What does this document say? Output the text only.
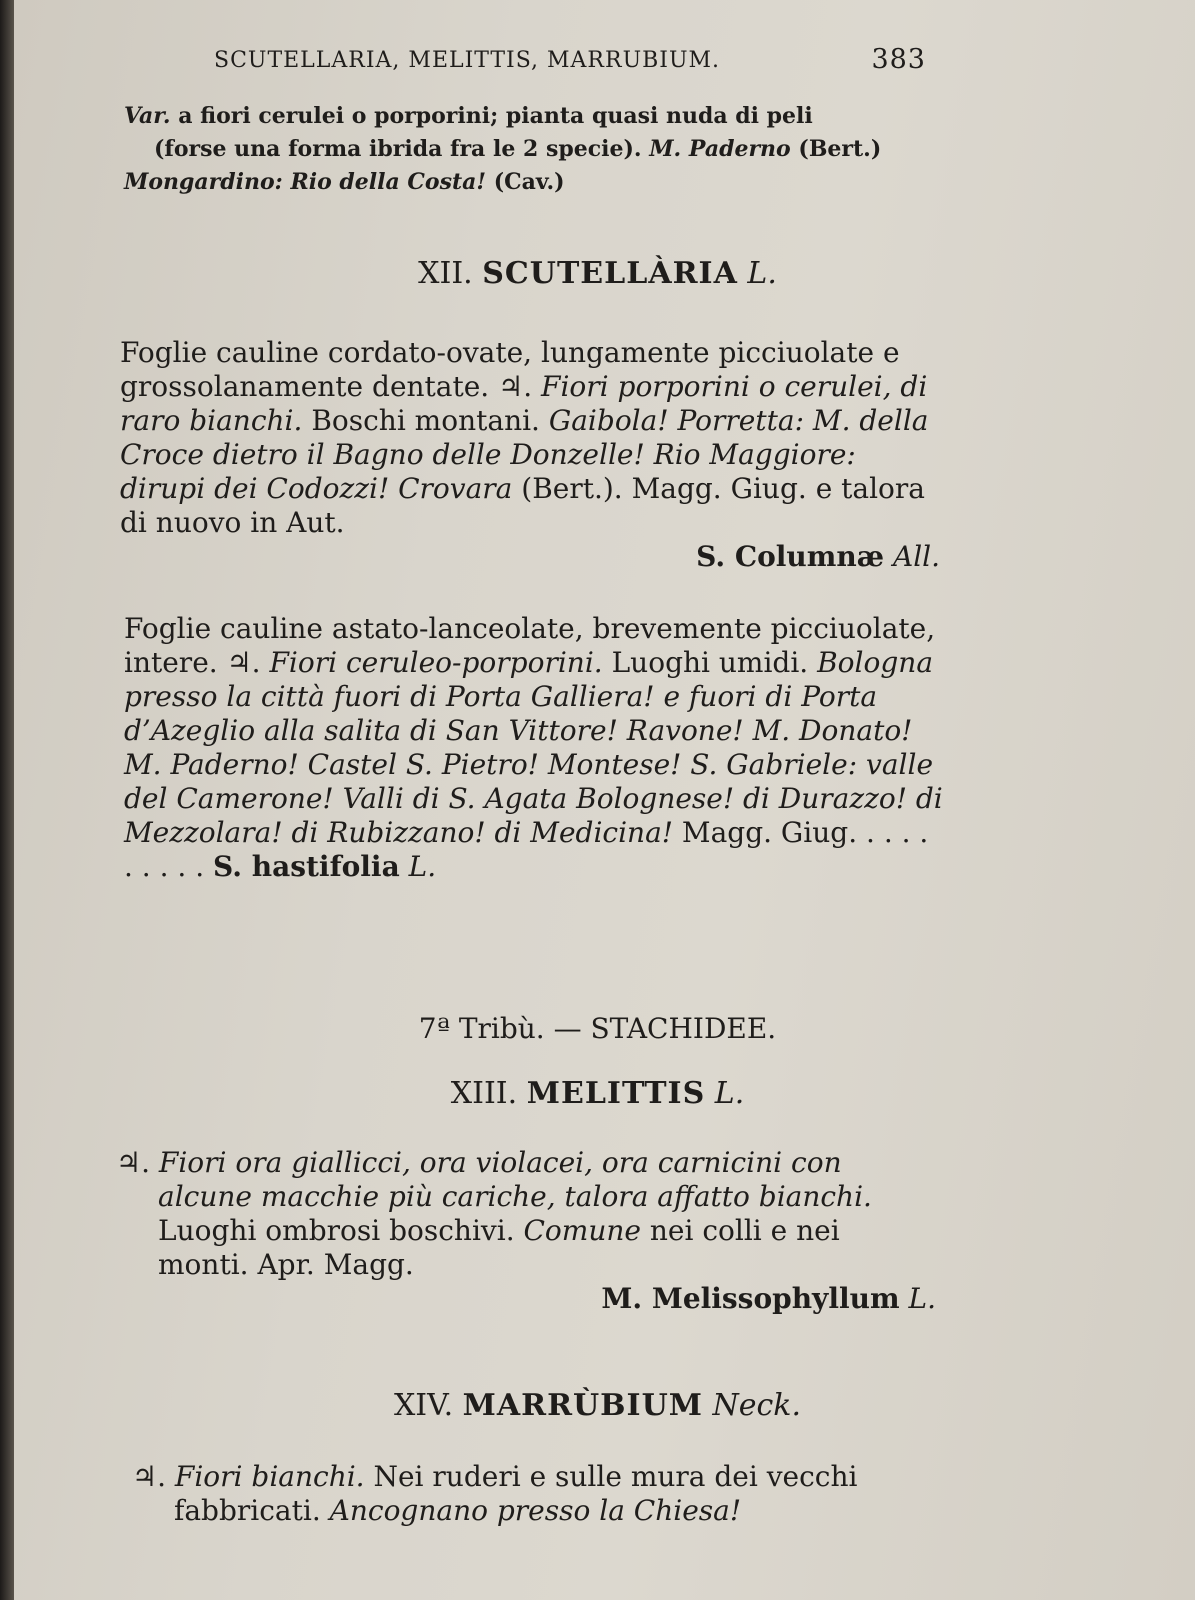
SCUTELLARIA, MELITTIS, MARRUBIUM.	383
Var. a fiori cerulei o porporini; pianta quasi nuda di peli
(forse una forma ibrida fra le 2 specie). M. Paderno (Bert.)
Mongardino: Rio della Costa! (Cav.)
XII. SCUTELLÀRIA L.

Foglie cauline cordato-ovate, lungamente picciuolate e grossolanamente dentate. ♃. Fiori porporini o cerulei, di raro bianchi. Boschi montani. Gaibola! Porretta: M. della Croce dietro il Bagno delle Donzelle! Rio Maggiore: dirupi dei Codozzi! Crovara (Bert.). Magg. Giug. e talora di nuovo in Aut.

S. Columnæ All.

Foglie cauline astato-lanceolate, brevemente picciuolate, intere. ♃. Fiori ceruleo-porporini. Luoghi umidi. Bologna presso la città fuori di Porta Galliera! e fuori di Porta d’Azeglio alla salita di San Vittore! Ravone! M. Donato! M. Paderno! Castel S. Pietro! Montese! S. Gabriele: valle del Camerone! Valli di S. Agata Bolognese! di Durazzo! di Mezzolara! di Rubizzano! di Medicina! Magg. Giug. . . . . . . . . . S. hastifolia L.

7ª Tribù. — STACHIDEE.
XIII. MELITTIS L.

♃. Fiori ora giallicci, ora violacei, ora carnicini con alcune macchie più cariche, talora affatto bianchi. Luoghi ombrosi boschivi. Comune nei colli e nei monti. Apr. Magg.

M. Melissophyllum L.
XIV. MARRÙBIUM Neck.

♃. Fiori bianchi. Nei ruderi e sulle mura dei vecchi fabbricati. Ancognano presso la Chiesa!
